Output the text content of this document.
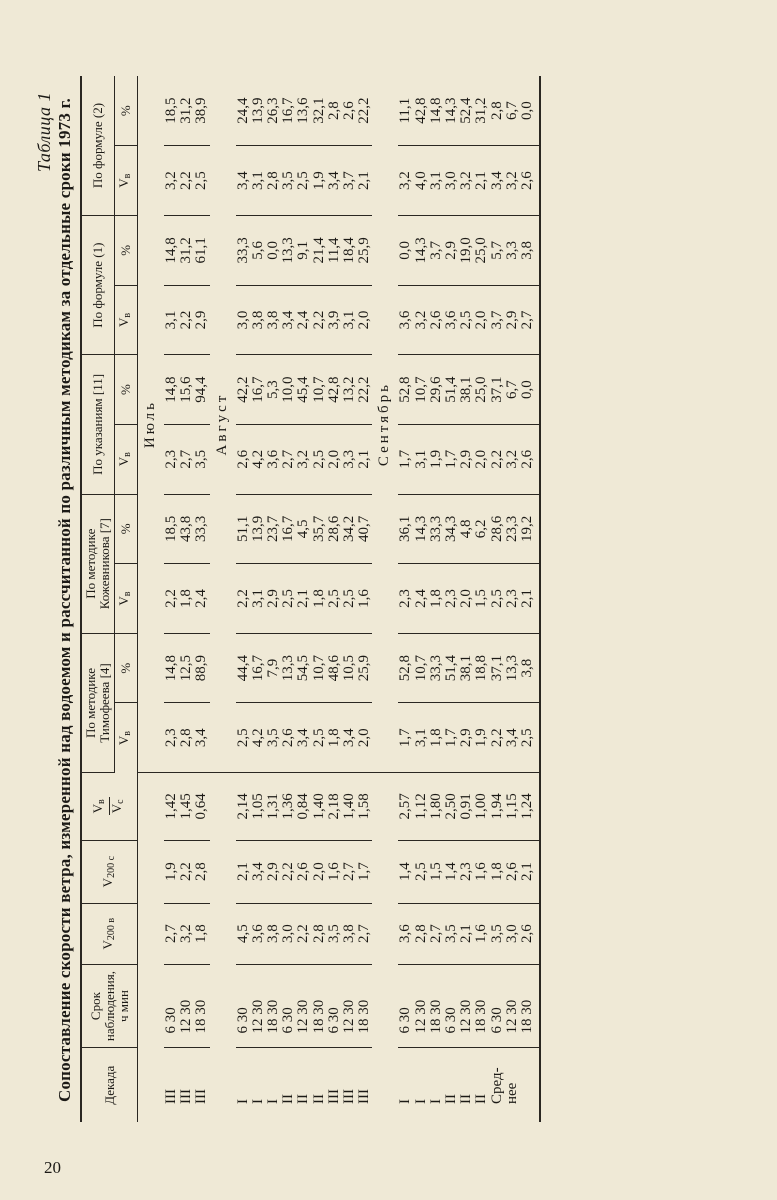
20
Таблица 1 Сопоставление скорости ветра, измеренной над водоемом и рассчитанной по различным методикам за отдельные сроки 1973 г. Декада	Срок наблюдения, ч мин	$V_{200 в}$	$V_{200 с}$	$V_в$
$V_с$	По методике Тимофеева [4]		По методике Кожевникова [7]		По указаниям [11]		По формуле (1)		По формуле (2)	
					$V_в$	%	$V_в$	%	$V_в$	%	$V_в$	%	$V_в$	%
					Июль									
III	6 30	2,7	1,9	1,42	2,3	14,8	2,2	18,5	2,3	14,8	3,1	14,8	3,2	18,5
III	12 30	3,2	2,2	1,45	2,8	12,5	1,8	43,8	2,7	15,6	2,2	31,2	2,2	31,2
III	18 30	1,8	2,8	0,64	3,4	88,9	2,4	33,3	3,5	94,4	2,9	61,1	2,5	38,9
					Август									
I	6 30	4,5	2,1	2,14	2,5	44,4	2,2	51,1	2,6	42,2	3,0	33,3	3,4	24,4
I	12 30	3,6	3,4	1,05	4,2	16,7	3,1	13,9	4,2	16,7	3,8	5,6	3,1	13,9
I	18 30	3,8	2,9	1,31	3,5	7,9	2,9	23,7	3,6	5,3	3,8	0,0	2,8	26,3
II	6 30	3,0	2,2	1,36	2,6	13,3	2,5	16,7	2,7	10,0	3,4	13,3	3,5	16,7
II	12 30	2,2	2,6	0,84	3,4	54,5	2,1	4,5	3,2	45,4	2,4	9,1	2,5	13,6
II	18 30	2,8	2,0	1,40	2,5	10,7	1,8	35,7	2,5	10,7	2,2	21,4	1,9	32,1
III	6 30	3,5	1,6	2,18	1,8	48,6	2,5	28,6	2,0	42,8	3,9	11,4	3,4	2,8
III	12 30	3,8	2,7	1,40	3,4	10,5	2,5	34,2	3,3	13,2	3,1	18,4	3,7	2,6
III	18 30	2,7	1,7	1,58	2,0	25,9	1,6	40,7	2,1	22,2	2,0	25,9	2,1	22,2
					Сентябрь									
I	6 30	3,6	1,4	2,57	1,7	52,8	2,3	36,1	1,7	52,8	3,6	0,0	3,2	11,1
I	12 30	2,8	2,5	1,12	3,1	10,7	2,4	14,3	3,1	10,7	3,2	14,3	4,0	42,8
I	18 30	2,7	1,5	1,80	1,8	33,3	1,8	33,3	1,9	29,6	2,6	3,7	3,1	14,8
II	6 30	3,5	1,4	2,50	1,7	51,4	2,3	34,3	1,7	51,4	3,6	2,9	3,0	14,3
II	12 30	2,1	2,3	0,91	2,9	38,1	2,0	4,8	2,9	38,1	2,5	19,0	3,2	52,4
II	18 30	1,6	1,6	1,00	1,9	18,8	1,5	6,2	2,0	25,0	2,0	25,0	2,1	31,2
Сред-	6 30	3,5	1,8	1,94	2,2	37,1	2,5	28,6	2,2	37,1	3,7	5,7	3,4	2,8
нее	12 30	3,0	2,6	1,15	3,4	13,3	2,3	23,3	3,2	6,7	2,9	3,3	3,2	6,7
	18 30	2,6	2,1	1,24	2,5	3,8	2,1	19,2	2,6	0,0	2,7	3,8	2,6	0,0
